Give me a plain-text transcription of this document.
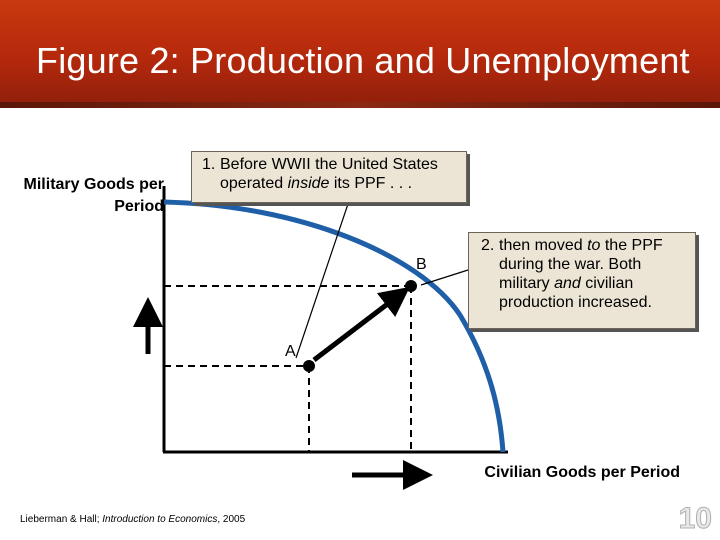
Figure 2: Production and Unemployment
Military Goods per Period
Civilian Goods per Period
A
B
1. Before WWII the United States operated inside its PPF . . .
2. then moved to the PPF during the war. Both military and civilian production increased.
Lieberman & Hall; Introduction to Economics, 2005	10
